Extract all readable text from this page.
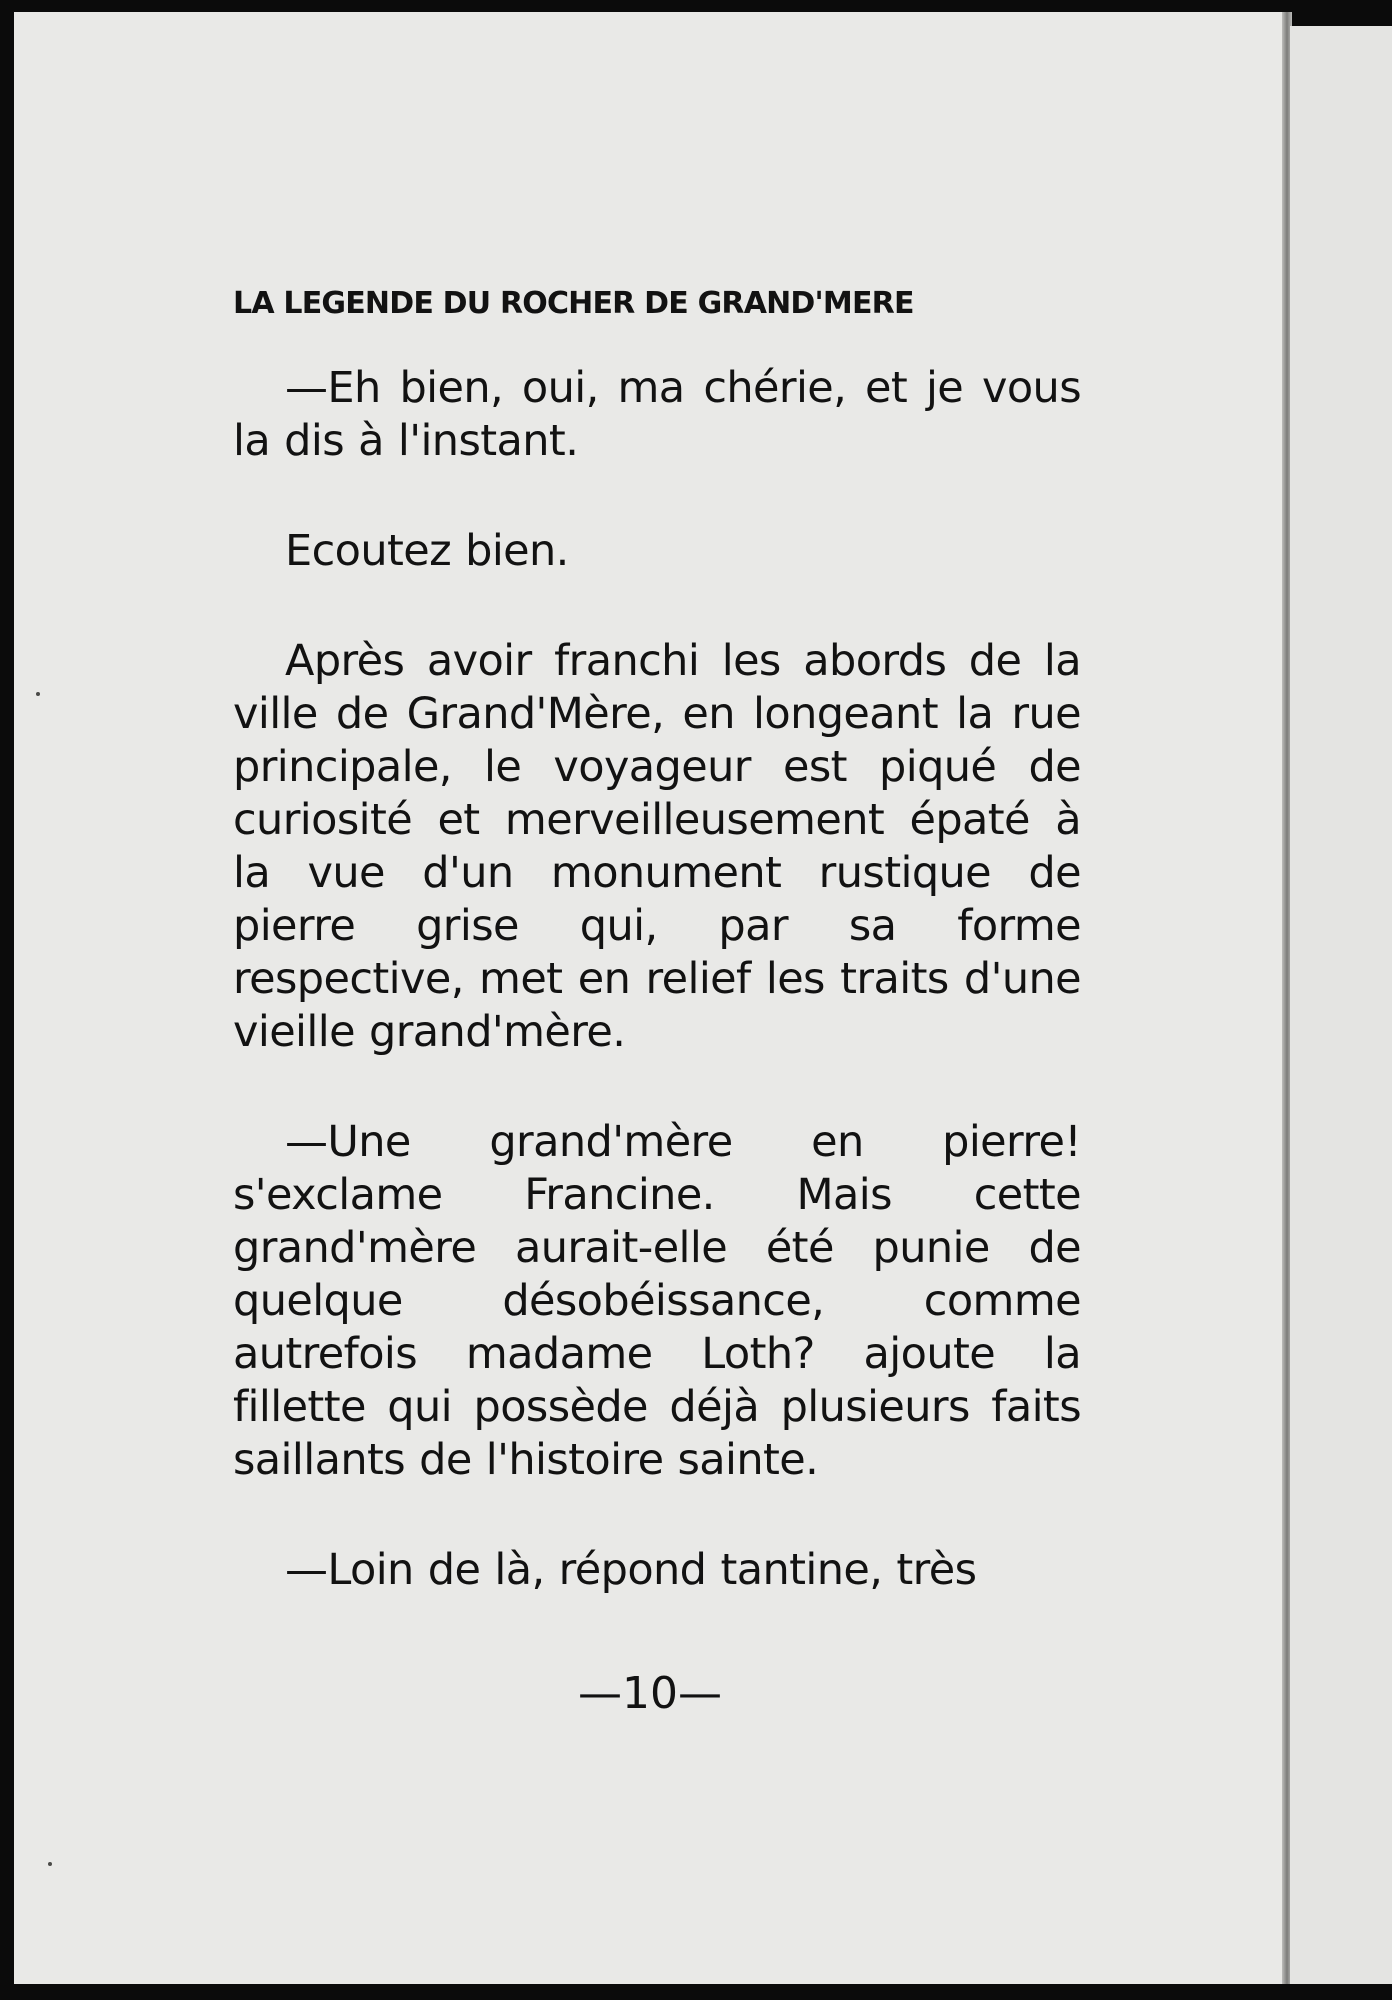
LA LEGENDE DU ROCHER DE GRAND'MERE

—Eh bien, oui, ma chérie, et je vous la dis à l'instant.

Ecoutez bien.

Après avoir franchi les abords de la ville de Grand'Mère, en longeant la rue principale, le voyageur est piqué de curiosité et merveilleusement épaté à la vue d'un monument rustique de pierre grise qui, par sa forme respective, met en relief les traits d'une vieille grand'mère.

—Une grand'mère en pierre! s'exclame Francine. Mais cette grand'mère aurait-elle été punie de quelque désobéissance, comme autrefois madame Loth? ajoute la fillette qui possède déjà plusieurs faits saillants de l'histoire sainte.

—Loin de là, répond tantine, très

—10—
